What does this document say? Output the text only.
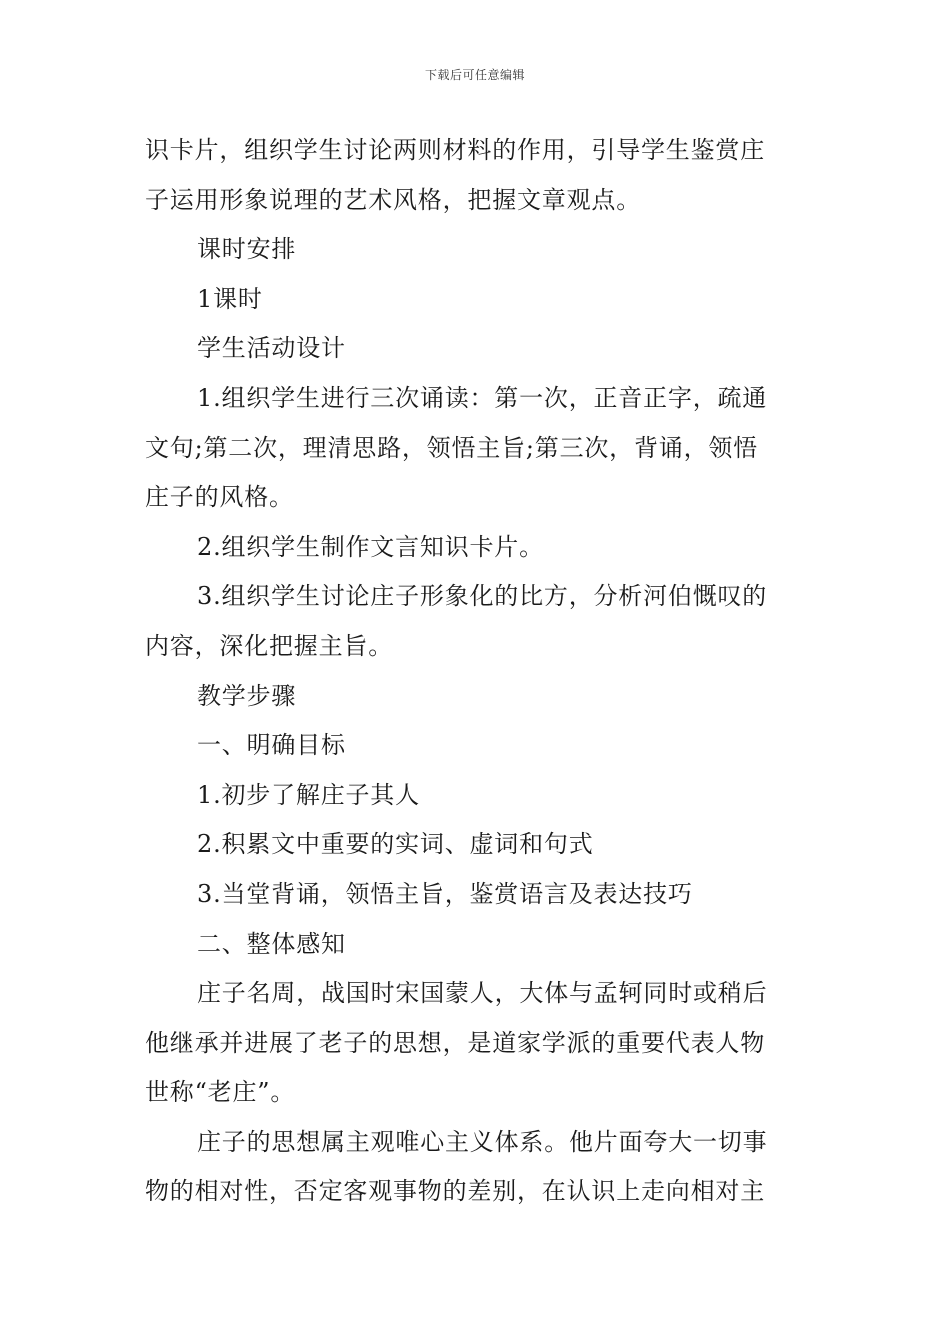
下载后可任意编辑
识卡片，组织学生讨论两则材料的作用，引导学生鉴赏庄
子运用形象说理的艺术风格，把握文章观点。
课时安排
1课时
学生活动设计
1.组织学生进行三次诵读：第一次，正音正字，疏通
文句;第二次，理清思路，领悟主旨;第三次，背诵，领悟
庄子的风格。
2.组织学生制作文言知识卡片。
3.组织学生讨论庄子形象化的比方，分析河伯慨叹的
内容，深化把握主旨。
教学步骤
一、明确目标
1.初步了解庄子其人
2.积累文中重要的实词、虚词和句式
3.当堂背诵，领悟主旨，鉴赏语言及表达技巧
二、整体感知
庄子名周，战国时宋国蒙人，大体与孟轲同时或稍后
他继承并进展了老子的思想，是道家学派的重要代表人物
世称“老庄”。
庄子的思想属主观唯心主义体系。他片面夸大一切事
物的相对性，否定客观事物的差别，在认识上走向相对主
